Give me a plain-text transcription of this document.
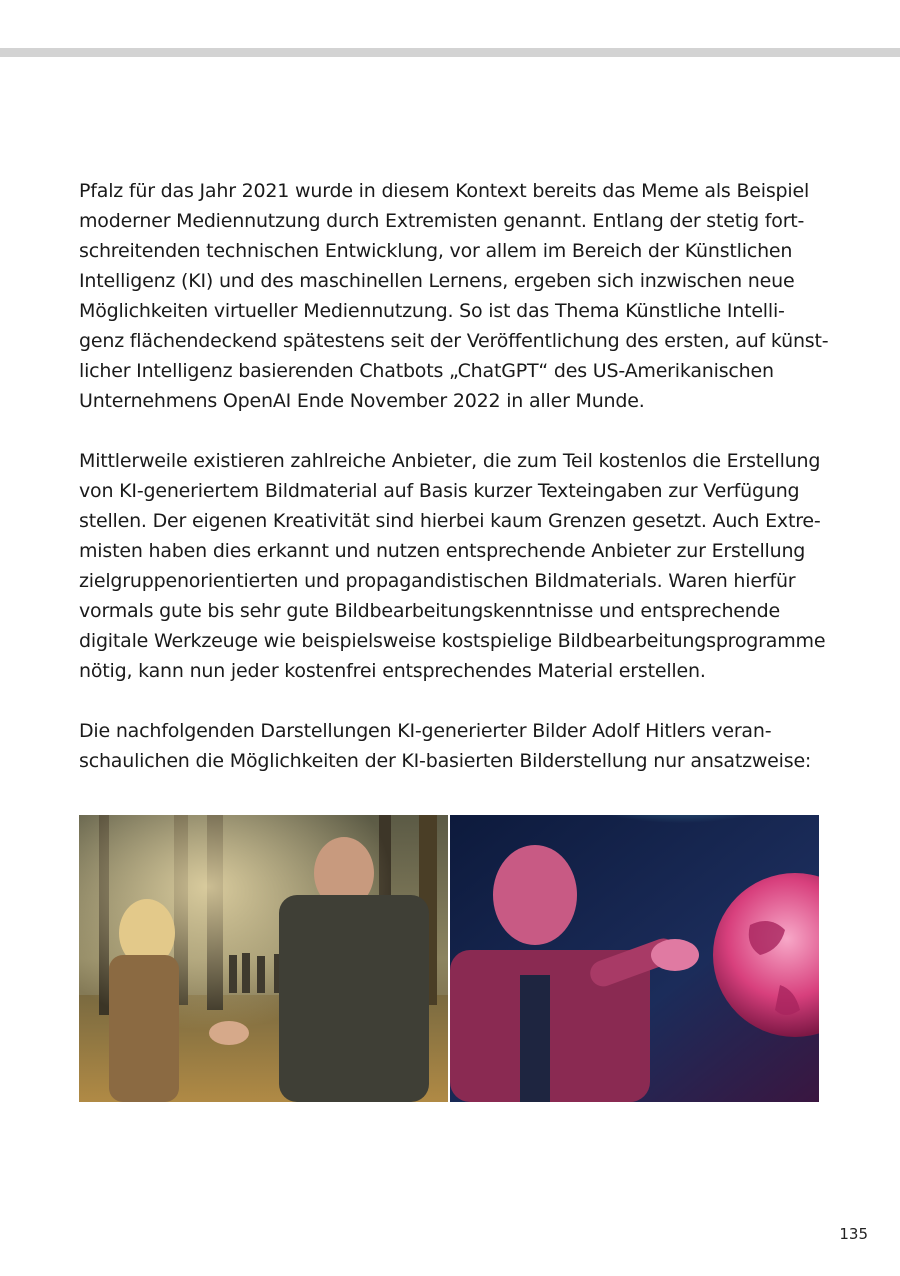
Pfalz für das Jahr 2021 wurde in diesem Kontext bereits das Meme als Beispiel
moderner Mediennutzung durch Extremisten genannt. Entlang der stetig fort-
schreitenden technischen Entwicklung, vor allem im Bereich der Künstlichen
Intelligenz (KI) und des maschinellen Lernens, ergeben sich inzwischen neue
Möglichkeiten virtueller Mediennutzung. So ist das Thema Künstliche Intelli-
genz flächendeckend spätestens seit der Veröffentlichung des ersten, auf künst-
licher Intelligenz basierenden Chatbots „ChatGPT“ des US-Amerikanischen
Unternehmens OpenAI Ende November 2022 in aller Munde.

Mittlerweile existieren zahlreiche Anbieter, die zum Teil kostenlos die Erstellung
von KI-generiertem Bildmaterial auf Basis kurzer Texteingaben zur Verfügung
stellen. Der eigenen Kreativität sind hierbei kaum Grenzen gesetzt. Auch Extre-
misten haben dies erkannt und nutzen entsprechende Anbieter zur Erstellung
zielgruppenorientierten und propagandistischen Bildmaterials. Waren hierfür
vormals gute bis sehr gute Bildbearbeitungskenntnisse und entsprechende
digitale Werkzeuge wie beispielsweise kostspielige Bildbearbeitungsprogramme
nötig, kann nun jeder kostenfrei entsprechendes Material erstellen.

Die nachfolgenden Darstellungen KI-generierter Bilder Adolf Hitlers veran-
schaulichen die Möglichkeiten der KI-basierten Bilderstellung nur ansatzweise:

135
